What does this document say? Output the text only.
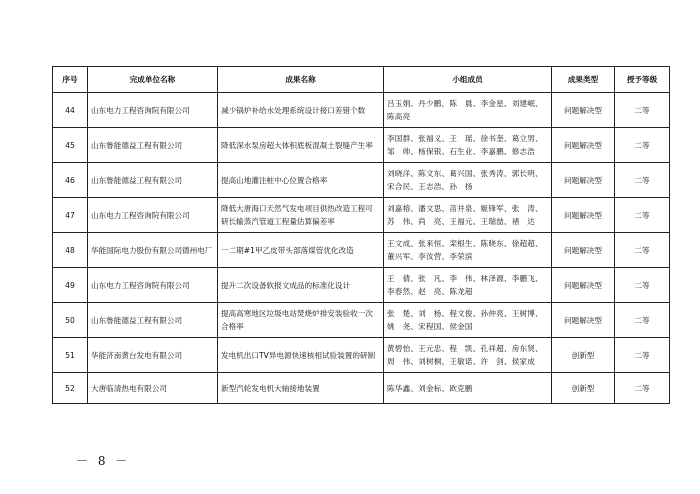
序号	完成单位名称	成果名称	小组成员	成果类型	授予等级
44	山东电力工程咨询院有限公司	减少锅炉补给水处理系统设计接口差错个数	吕玉娟、丹少鹏、陈　晨、李金星、刘建岷、
陈高亮	问题解决型	二等
45	山东鲁能德益工程有限公司	降低深水泵房超大体积底板混凝土裂缝产生率	李国群、张福义、王　瑶、徐书奎、葛立男、
邹　帅、杨保银、石生业、李嘉鹏、修志浩	问题解决型	二等
46	山东鲁能德益工程有限公司	提高山地灌注桩中心位置合格率	刘晓洋、陈文东、葛兴国、张秀涛、郭长明、
宋合民、王志浩、孙　扬	问题解决型	二等
47	山东电力工程咨询院有限公司	降低大唐海口天然气发电项目供热改造工程可研长输蒸汽管道工程量估算偏差率	刘嘉榕、潘文思、苗井泉、姬锋军、张　涛、
苏　伟、尚　亮、王福元、王瑞喆、褚　达	问题解决型	二等
48	华能国际电力股份有限公司德州电厂	一二期#1甲乙皮带头部落煤管优化改造	王文成、张来恒、栾根生、陈晓东、徐超超、
董兴军、李汝营、李荣滨	问题解决型	二等
49	山东电力工程咨询院有限公司	提升二次设备软报文成品的标准化设计	王　倩、张　凡、李　伟、林泽源、李鹏飞、
李春然、赵　亮、陈龙超	问题解决型	二等
50	山东鲁能德益工程有限公司	提高高寒地区垃圾电站焚烧炉排安装验收一次合格率	张　楚、刘　杨、程文俊、孙仲亮、王树博、
姚　尧、宋程国、侯金国	问题解决型	二等
51	华能济南黄台发电有限公司	发电机出口TV异电源快速核相试验装置的研制	黄碧怡、王元忠、程　凯、孔祥超、房东贤、
周　伟、刘树桐、王敏诺、许　剑、侯家成	创新型	二等
52	大唐临清热电有限公司	新型汽轮发电机大轴接地装置	陈华鑫、刘金标、欧克鹏	创新型	二等
－ 8 －
